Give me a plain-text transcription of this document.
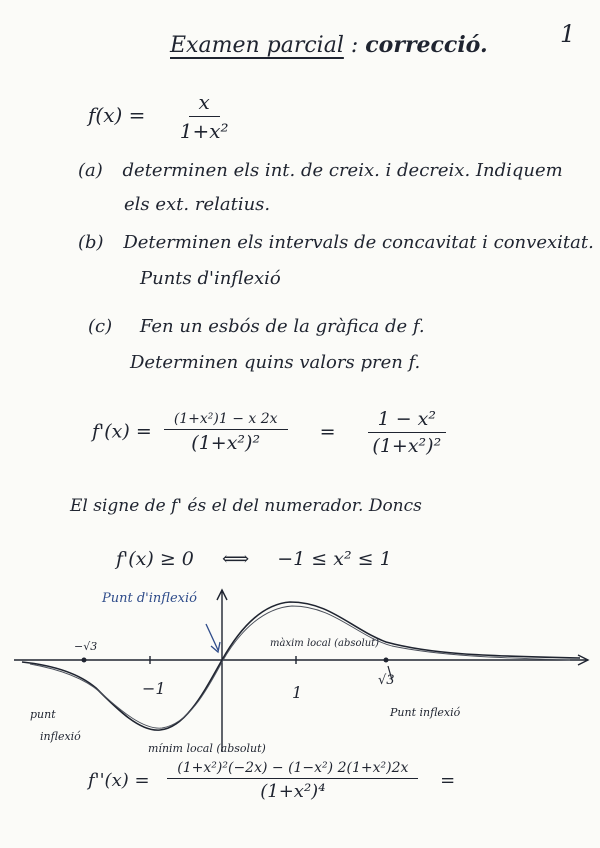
1
Examen parcial : correcció.
$f(x) = \frac{x}{\text{1+x²}}$
(a) determinen els int. de creix. i decreix. Indiquem
els ext. relatius.
(b) Determinen els intervals de concavitat i convexitat.
Punts d'inflexió
(c) Fen un esbós de la gràfica de f.
Determinen quins valors pren f.
$f'(x) = \frac{\text{(1+x²)1 − x 2x}}{\text{(1+x²)²}} = \frac{\text{1 − x²}}{\text{(1+x²)²}}$
El signe de f' és el del numerador. Doncs
f'(x) ≥ 0 ⟺ −1 ≤ x² ≤ 1
Punt d'inflexió
màxim local (absolut)
mínim local (absolut)
−√3
√3
−1	1
punt
inflexió
Punt inflexió
$f''(x) = \frac{\text{(1+x²)²(−2x) − (1−x²) 2(1+x²)2x}}{\text{(1+x²)⁴}}$ =
